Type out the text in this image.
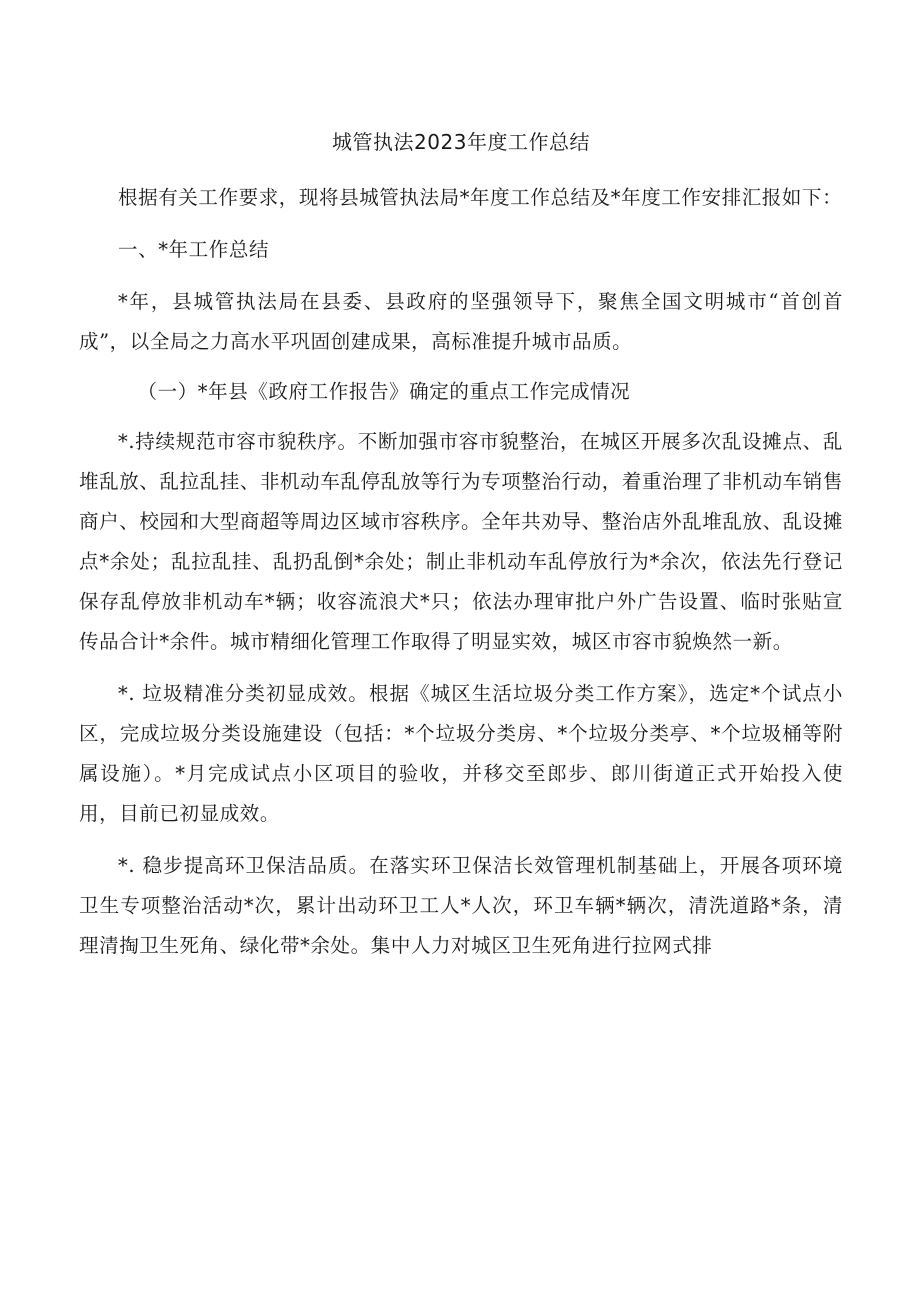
城管执法2023年度工作总结

根据有关工作要求，现将县城管执法局*年度工作总结及*年度工作安排汇报如下：

一、*年工作总结

*年，县城管执法局在县委、县政府的坚强领导下，聚焦全国文明城市“首创首成”，以全局之力高水平巩固创建成果，高标准提升城市品质。

（一）*年县《政府工作报告》确定的重点工作完成情况

*.持续规范市容市貌秩序。不断加强市容市貌整治，在城区开展多次乱设摊点、乱堆乱放、乱拉乱挂、非机动车乱停乱放等行为专项整治行动，着重治理了非机动车销售商户、校园和大型商超等周边区域市容秩序。全年共劝导、整治店外乱堆乱放、乱设摊点*余处；乱拉乱挂、乱扔乱倒*余处；制止非机动车乱停放行为*余次，依法先行登记保存乱停放非机动车*辆；收容流浪犬*只；依法办理审批户外广告设置、临时张贴宣传品合计*余件。城市精细化管理工作取得了明显实效，城区市容市貌焕然一新。

*. 垃圾精准分类初显成效。根据《城区生活垃圾分类工作方案》，选定*个试点小区，完成垃圾分类设施建设（包括：*个垃圾分类房、*个垃圾分类亭、*个垃圾桶等附属设施）。*月完成试点小区项目的验收，并移交至郎步、郎川街道正式开始投入使用，目前已初显成效。

*. 稳步提高环卫保洁品质。在落实环卫保洁长效管理机制基础上，开展各项环境卫生专项整治活动*次，累计出动环卫工人*人次，环卫车辆*辆次，清洗道路*条，清理清掏卫生死角、绿化带*余处。集中人力对城区卫生死角进行拉网式排
